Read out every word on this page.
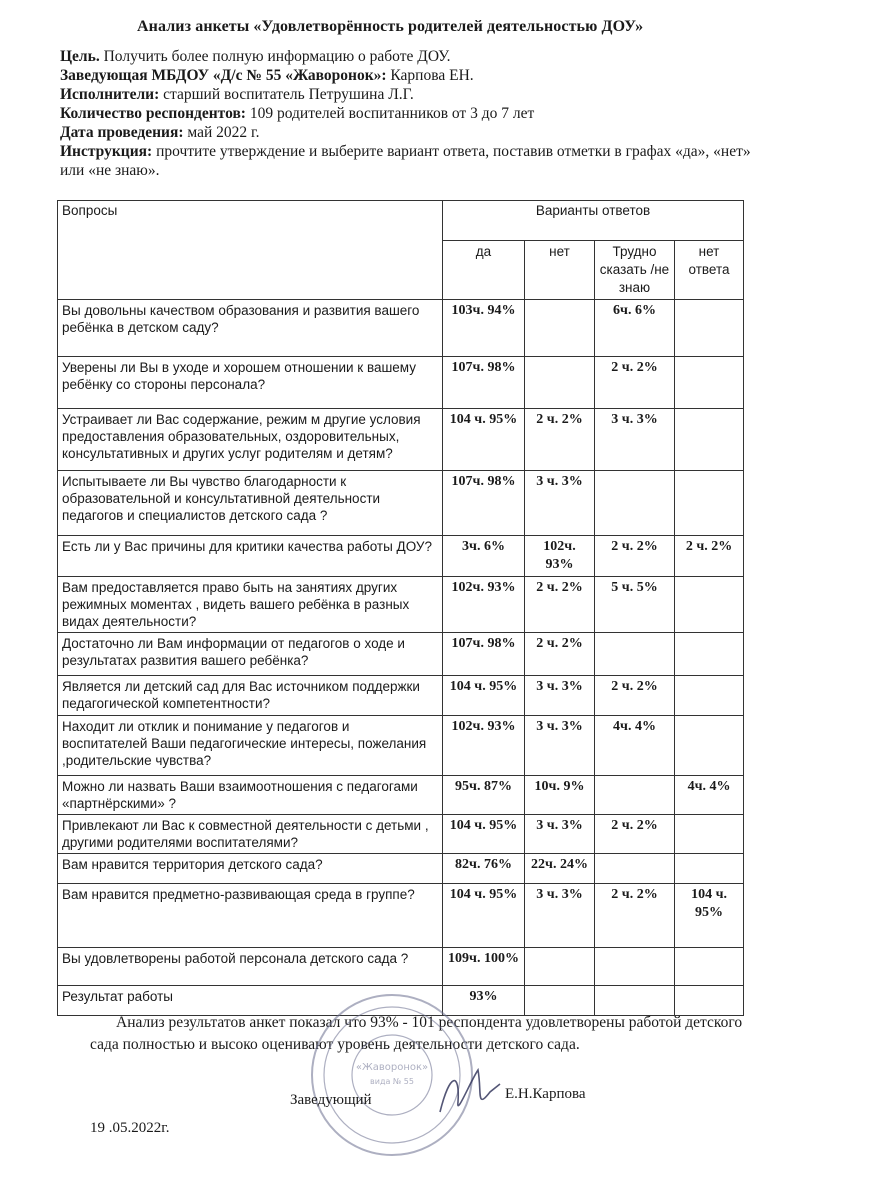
Анализ анкеты «Удовлетворённость родителей деятельностью ДОУ»
Цель. Получить более полную информацию о работе ДОУ.
Заведующая МБДОУ «Д/с № 55 «Жаворонок»: Карпова ЕН.
Исполнители: старший воспитатель Петрушина Л.Г.
Количество респондентов: 109 родителей воспитанников от 3 до 7 лет
Дата проведения: май 2022 г.
Инструкция: прочтите утверждение и выберите вариант ответа, поставив отметки в графах «да», «нет» или «не знаю».
Вопросы	Варианты ответов			
	да	нет	Трудно сказать /не знаю	нет ответа
Вы довольны качеством образования и развития вашего ребёнка в детском саду?	103ч. 94%		6ч. 6%	
Уверены ли Вы в уходе и хорошем отношении к вашему ребёнку со стороны персонала?	107ч. 98%		2 ч. 2%	
Устраивает ли Вас содержание, режим м другие условия предоставления образовательных, оздоровительных, консультативных и других услуг родителям и детям?	104 ч. 95%	2 ч. 2%	3 ч. 3%	
Испытываете ли Вы чувство благодарности к образовательной и консультативной деятельности педагогов и специалистов детского сада ?	107ч. 98%	3 ч. 3%		
Есть ли у Вас причины для критики качества работы ДОУ?	3ч. 6%	102ч. 93%	2 ч. 2%	2 ч. 2%
Вам предоставляется право быть на занятиях других режимных моментах , видеть вашего ребёнка в разных видах деятельности?	102ч. 93%	2 ч. 2%	5 ч. 5%	
Достаточно ли Вам информации от педагогов о ходе и результатах развития вашего ребёнка?	107ч. 98%	2 ч. 2%		
Является ли детский сад для Вас источником поддержки педагогической компетентности?	104 ч. 95%	3 ч. 3%	2 ч. 2%	
Находит ли отклик и понимание у педагогов и воспитателей Ваши педагогические интересы, пожелания ,родительские чувства?	102ч. 93%	3 ч. 3%	4ч. 4%	
Можно ли назвать Ваши взаимоотношения с педагогами «партнёрскими» ?	95ч. 87%	10ч. 9%		4ч. 4%
Привлекают ли Вас к совместной деятельности с детьми , другими родителями воспитателями?	104 ч. 95%	3 ч. 3%	2 ч. 2%	
Вам нравится территория детского сада?	82ч. 76%	22ч. 24%		
Вам нравится предметно-развивающая среда в группе?	104 ч. 95%	3 ч. 3%	2 ч. 2%	104 ч. 95%
Вы удовлетворены работой персонала детского сада ?	109ч. 100%			
Результат работы	93%			
Анализ результатов анкет показал что 93% - 101 респондента удовлетворены работой детского сада полностью и высоко оценивают уровень деятельности детского сада.
«Жаворонок»
вида № 55
Заведующий	Е.Н.Карпова
19 .05.2022г.
